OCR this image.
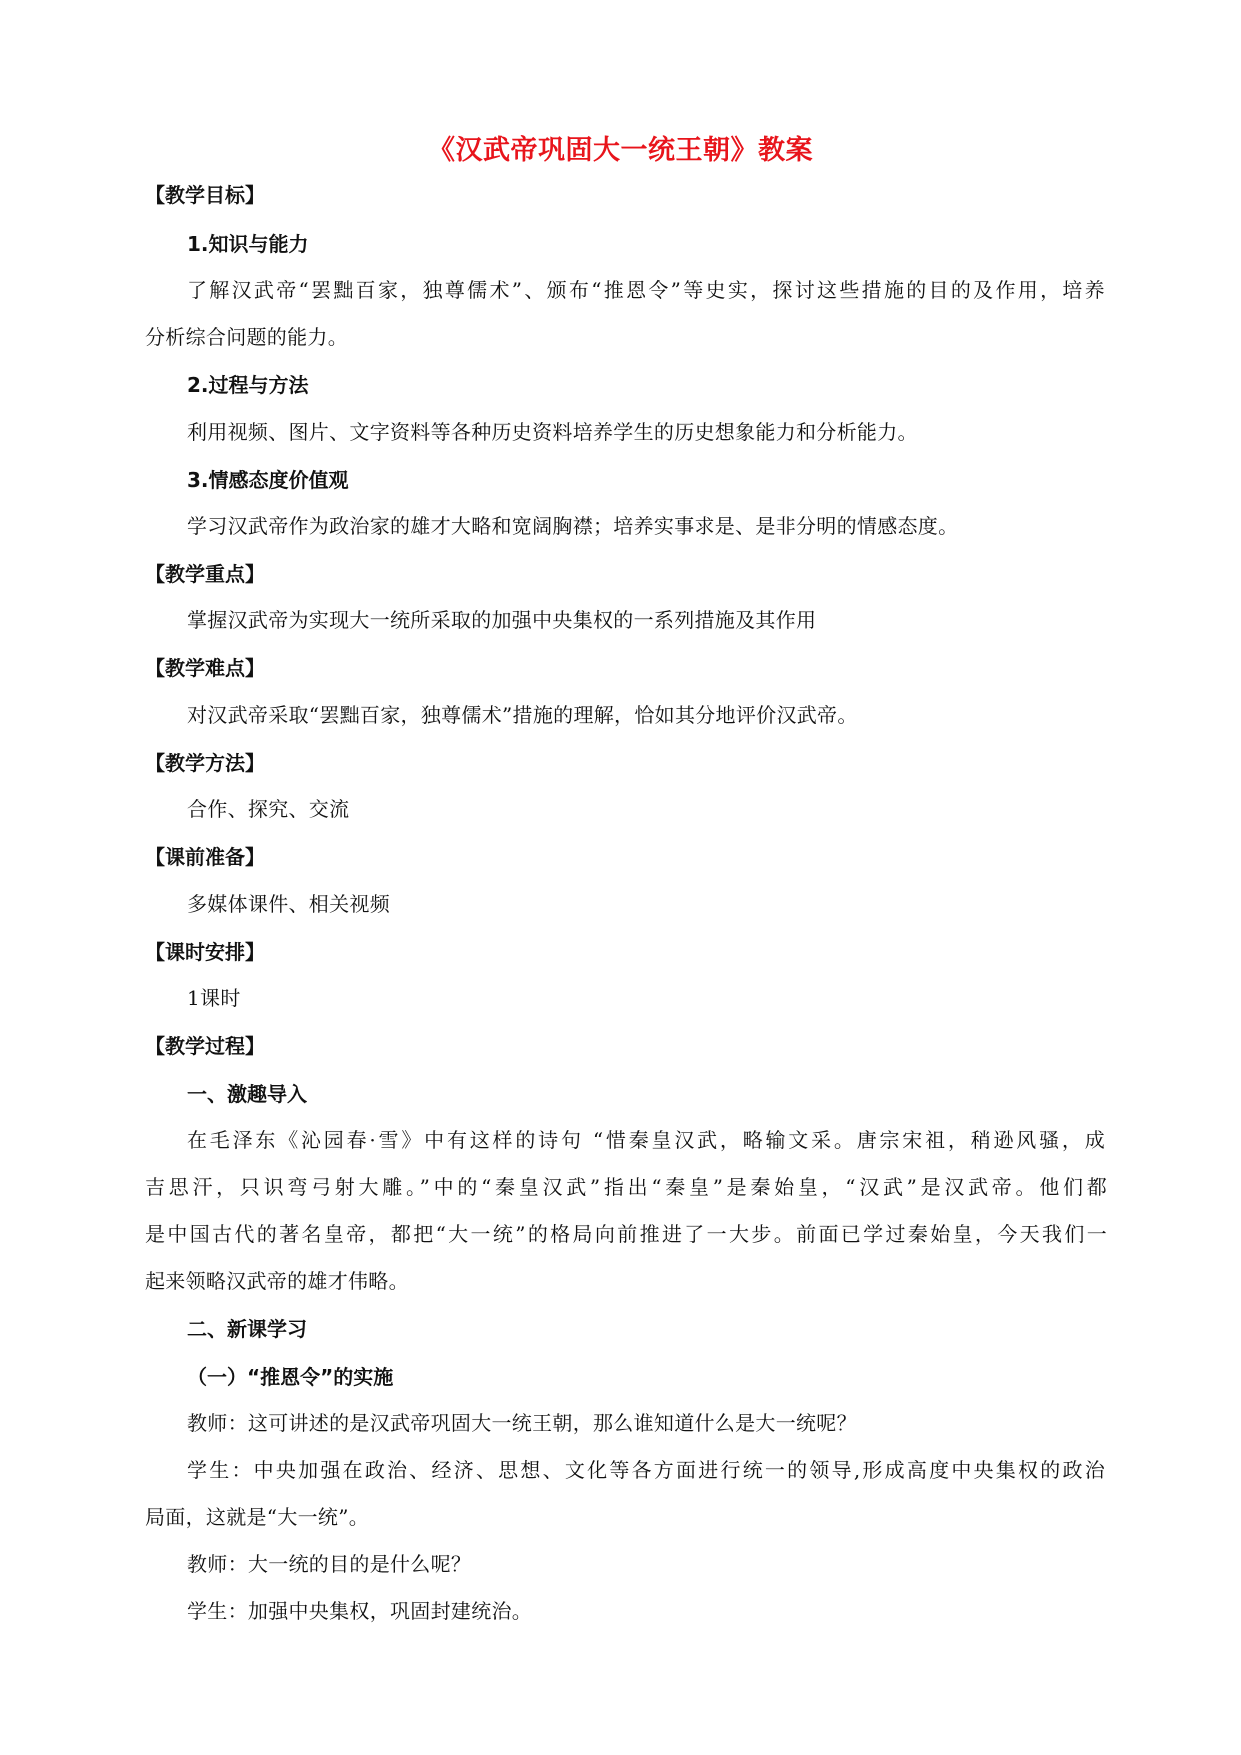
《汉武帝巩固大一统王朝》教案
【教学目标】
1.知识与能力
了解汉武帝“罢黜百家，独尊儒术”、颁布“推恩令”等史实，探讨这些措施的目的及作用，培养
分析综合问题的能力。
2.过程与方法
利用视频、图片、文字资料等各种历史资料培养学生的历史想象能力和分析能力。
3.情感态度价值观
学习汉武帝作为政治家的雄才大略和宽阔胸襟；培养实事求是、是非分明的情感态度。
【教学重点】
掌握汉武帝为实现大一统所采取的加强中央集权的一系列措施及其作用
【教学难点】
对汉武帝采取“罢黜百家，独尊儒术”措施的理解，恰如其分地评价汉武帝。
【教学方法】
合作、探究、交流
【课前准备】
多媒体课件、相关视频
【课时安排】
1课时
【教学过程】
一、激趣导入
在毛泽东《沁园春·雪》中有这样的诗句 “惜秦皇汉武，略输文采。唐宗宋祖，稍逊风骚，成
吉思汗，只识弯弓射大雕。”中的“秦皇汉武”指出“秦皇”是秦始皇，“汉武”是汉武帝。他们都
是中国古代的著名皇帝，都把“大一统”的格局向前推进了一大步。前面已学过秦始皇，今天我们一
起来领略汉武帝的雄才伟略。
二、新课学习
（一）“推恩令”的实施
教师：这可讲述的是汉武帝巩固大一统王朝，那么谁知道什么是大一统呢？
学生：中央加强在政治、经济、思想、文化等各方面进行统一的领导,形成高度中央集权的政治
局面，这就是“大一统”。
教师：大一统的目的是什么呢？
学生：加强中央集权，巩固封建统治。
